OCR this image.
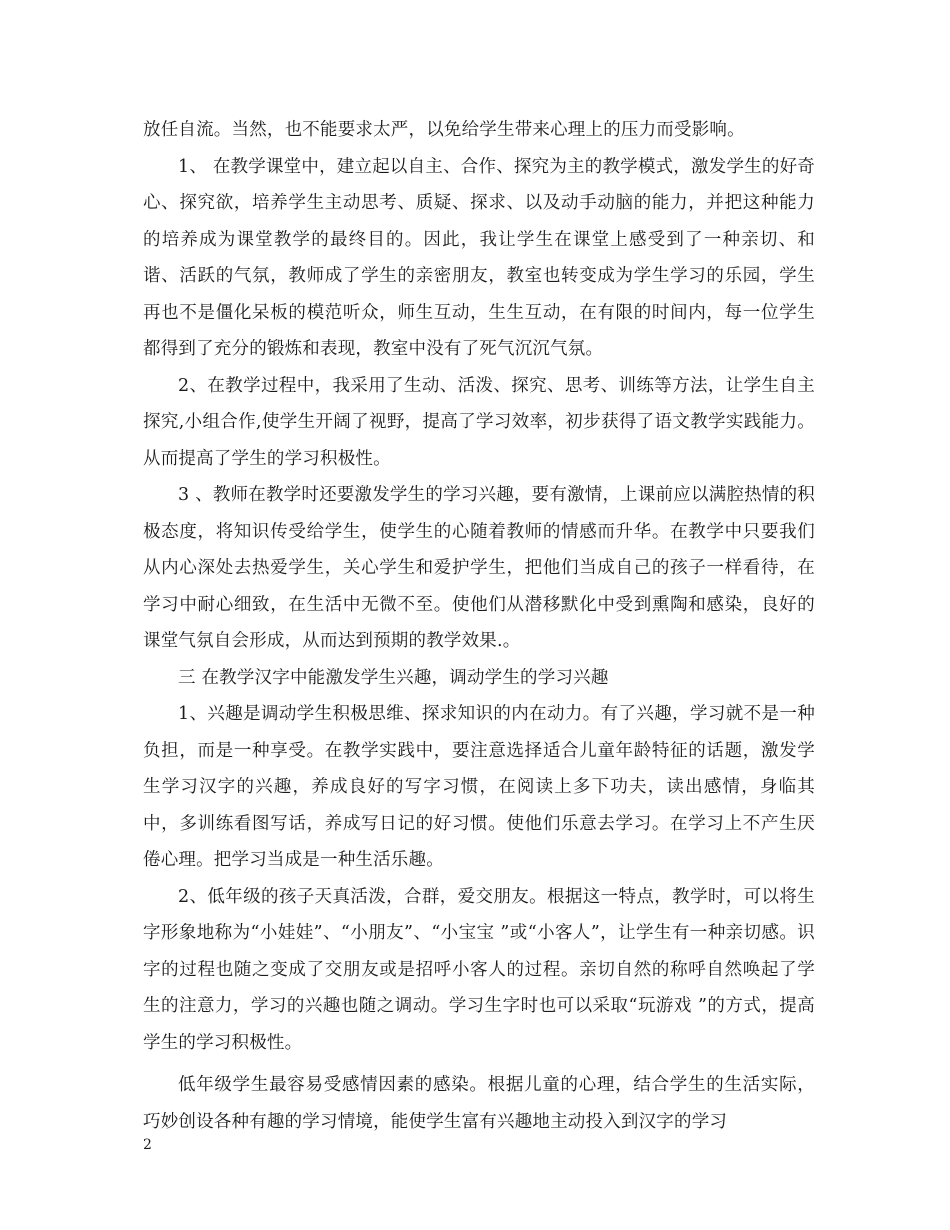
放任自流。当然，也不能要求太严，以免给学生带来心理上的压力而受影响。

1、 在教学课堂中，建立起以自主、合作、探究为主的教学模式，激发学生的好奇心、探究欲，培养学生主动思考、质疑、探求、以及动手动脑的能力，并把这种能力的培养成为课堂教学的最终目的。因此，我让学生在课堂上感受到了一种亲切、和谐、活跃的气氛，教师成了学生的亲密朋友，教室也转变成为学生学习的乐园，学生再也不是僵化呆板的模范听众，师生互动，生生互动，在有限的时间内，每一位学生都得到了充分的锻炼和表现，教室中没有了死气沉沉气氛。

2、在教学过程中，我采用了生动、活泼、探究、思考、训练等方法，让学生自主探究,小组合作,使学生开阔了视野，提高了学习效率，初步获得了语文教学实践能力。从而提高了学生的学习积极性。

3 、教师在教学时还要激发学生的学习兴趣，要有激情，上课前应以满腔热情的积极态度，将知识传受给学生，使学生的心随着教师的情感而升华。在教学中只要我们从内心深处去热爱学生，关心学生和爱护学生，把他们当成自己的孩子一样看待，在学习中耐心细致，在生活中无微不至。使他们从潜移默化中受到熏陶和感染，良好的课堂气氛自会形成，从而达到预期的教学效果.。

三 在教学汉字中能激发学生兴趣，调动学生的学习兴趣

1、兴趣是调动学生积极思维、探求知识的内在动力。有了兴趣，学习就不是一种负担，而是一种享受。在教学实践中，要注意选择适合儿童年龄特征的话题，激发学生学习汉字的兴趣，养成良好的写字习惯，在阅读上多下功夫，读出感情，身临其中，多训练看图写话，养成写日记的好习惯。使他们乐意去学习。在学习上不产生厌倦心理。把学习当成是一种生活乐趣。

2、低年级的孩子天真活泼，合群，爱交朋友。根据这一特点，教学时，可以将生字形象地称为“小娃娃”、“小朋友”、“小宝宝 ”或“小客人”，让学生有一种亲切感。识字的过程也随之变成了交朋友或是招呼小客人的过程。亲切自然的称呼自然唤起了学生的注意力，学习的兴趣也随之调动。学习生字时也可以采取“玩游戏 ”的方式，提高学生的学习积极性。

低年级学生最容易受感情因素的感染。根据儿童的心理，结合学生的生活实际，巧妙创设各种有趣的学习情境，能使学生富有兴趣地主动投入到汉字的学习

2
